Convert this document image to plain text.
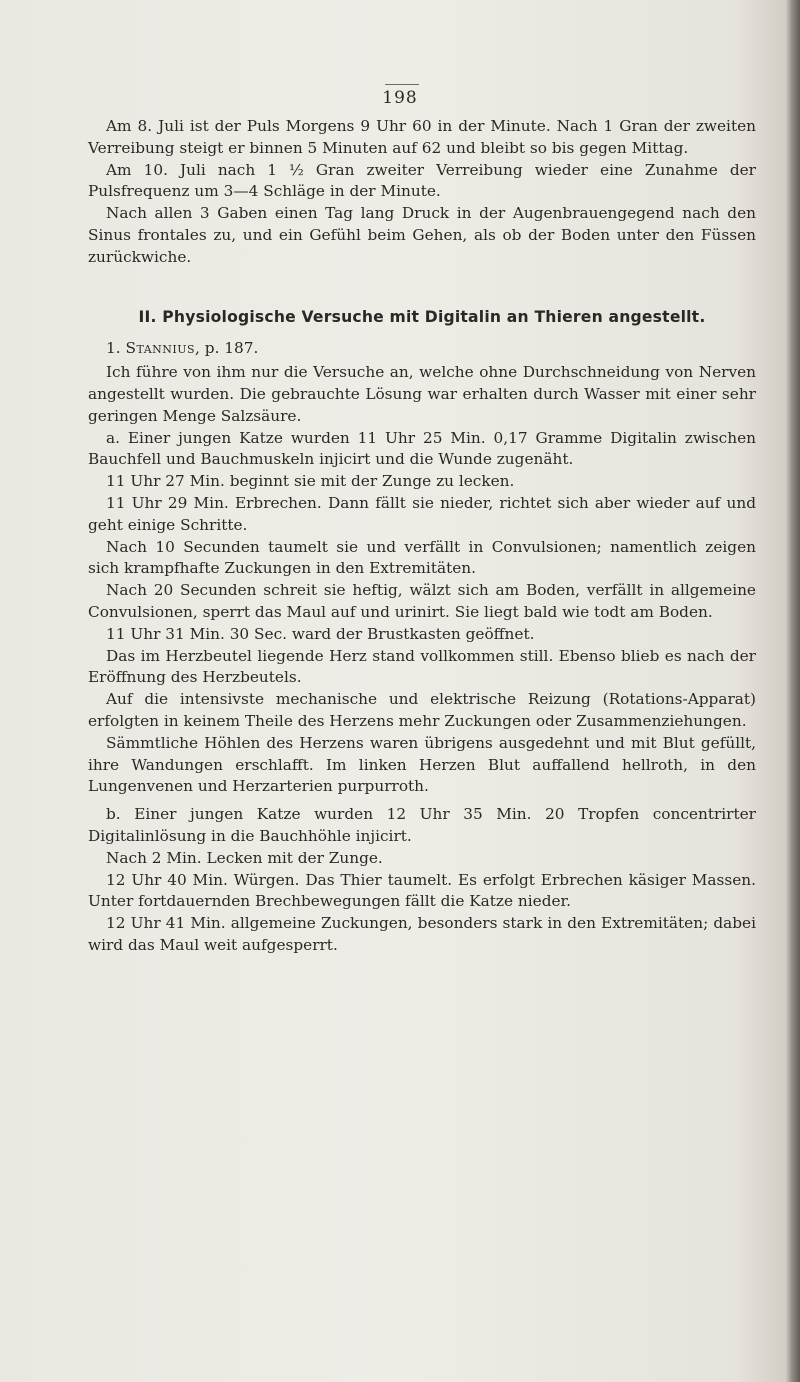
198

Am 8. Juli ist der Puls Morgens 9 Uhr 60 in der Minute. Nach 1 Gran der zweiten Verreibung steigt er binnen 5 Minuten auf 62 und bleibt so bis gegen Mittag.

Am 10. Juli nach 1 ½ Gran zweiter Verreibung wieder eine Zunahme der Pulsfrequenz um 3—4 Schläge in der Minute.

Nach allen 3 Gaben einen Tag lang Druck in der Augenbrauengegend nach den Sinus frontales zu, und ein Gefühl beim Gehen, als ob der Boden unter den Füssen zurückwiche.

II. Physiologische Versuche mit Digitalin an Thieren angestellt.

1. Stannius, p. 187.

Ich führe von ihm nur die Versuche an, welche ohne Durchschneidung von Nerven angestellt wurden. Die gebrauchte Lösung war erhalten durch Wasser mit einer sehr geringen Menge Salzsäure.

a. Einer jungen Katze wurden 11 Uhr 25 Min. 0,17 Gramme Digitalin zwischen Bauchfell und Bauchmuskeln injicirt und die Wunde zugenäht.

11 Uhr 27 Min. beginnt sie mit der Zunge zu lecken.

11 Uhr 29 Min. Erbrechen. Dann fällt sie nieder, richtet sich aber wieder auf und geht einige Schritte.

Nach 10 Secunden taumelt sie und verfällt in Convulsionen; namentlich zeigen sich krampfhafte Zuckungen in den Extremitäten.

Nach 20 Secunden schreit sie heftig, wälzt sich am Boden, verfällt in allgemeine Convulsionen, sperrt das Maul auf und urinirt. Sie liegt bald wie todt am Boden.

11 Uhr 31 Min. 30 Sec. ward der Brustkasten geöffnet.

Das im Herzbeutel liegende Herz stand vollkommen still. Ebenso blieb es nach der Eröffnung des Herzbeutels.

Auf die intensivste mechanische und elektrische Reizung (Rotations-Apparat) erfolgten in keinem Theile des Herzens mehr Zuckungen oder Zusammenziehungen.

Sämmtliche Höhlen des Herzens waren übrigens ausgedehnt und mit Blut gefüllt, ihre Wandungen erschlafft. Im linken Herzen Blut auffallend hellroth, in den Lungenvenen und Herzarterien purpurroth.

b. Einer jungen Katze wurden 12 Uhr 35 Min. 20 Tropfen concentrirter Digitalinlösung in die Bauchhöhle injicirt.

Nach 2 Min. Lecken mit der Zunge.

12 Uhr 40 Min. Würgen. Das Thier taumelt. Es erfolgt Erbrechen käsiger Massen. Unter fortdauernden Brechbewegungen fällt die Katze nieder.

12 Uhr 41 Min. allgemeine Zuckungen, besonders stark in den Extremitäten; dabei wird das Maul weit aufgesperrt.
